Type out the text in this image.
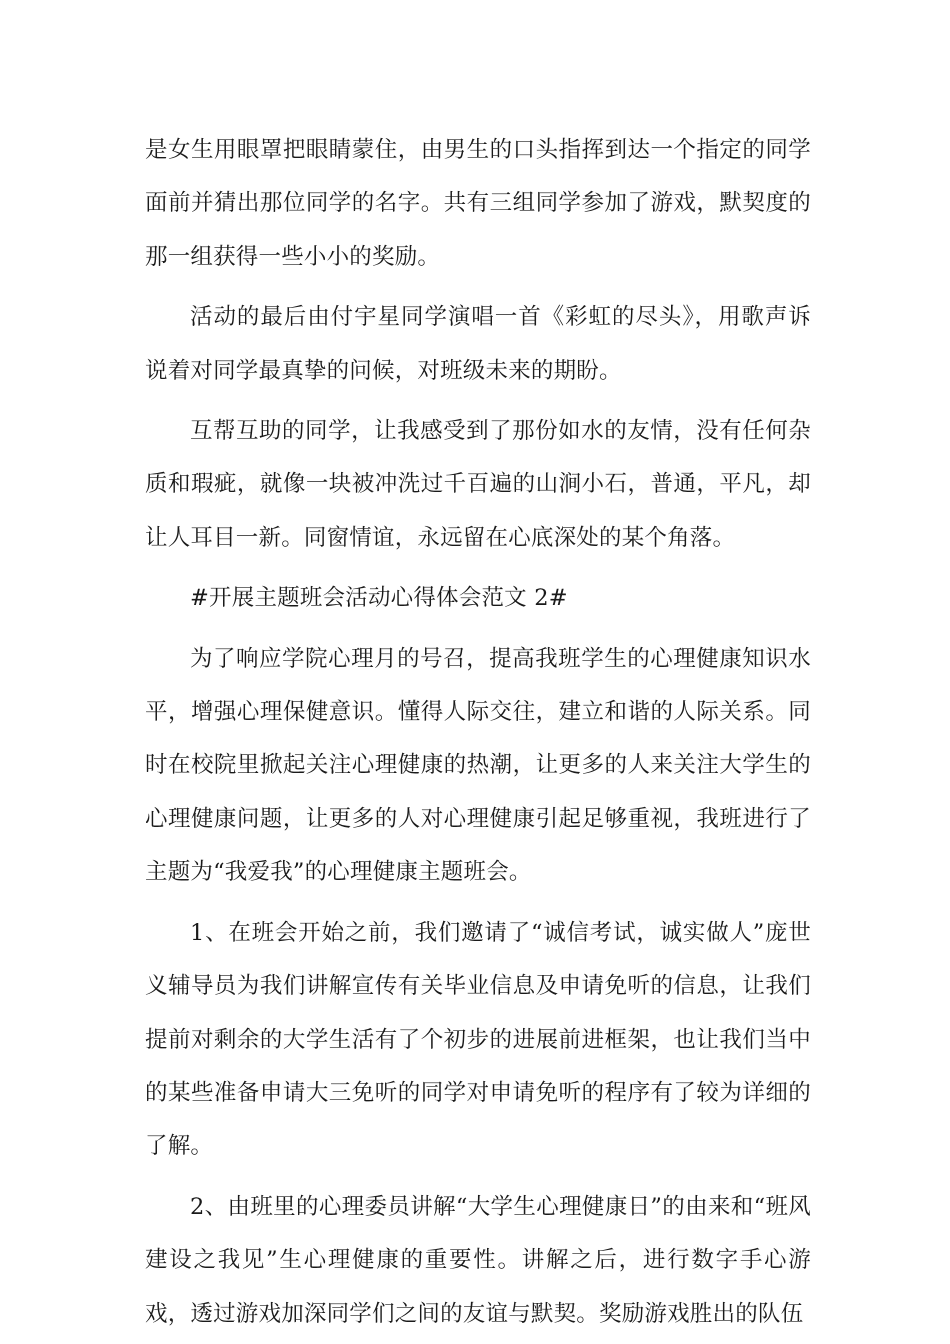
是女生用眼罩把眼睛蒙住，由男生的口头指挥到达一个指定的同学面前并猜出那位同学的名字。共有三组同学参加了游戏，默契度的那一组获得一些小小的奖励。

活动的最后由付宇星同学演唱一首《彩虹的尽头》，用歌声诉说着对同学最真挚的问候，对班级未来的期盼。

互帮互助的同学，让我感受到了那份如水的友情，没有任何杂质和瑕疵，就像一块被冲洗过千百遍的山涧小石，普通，平凡，却让人耳目一新。同窗情谊，永远留在心底深处的某个角落。

#开展主题班会活动心得体会范文 2#

为了响应学院心理月的号召，提高我班学生的心理健康知识水平，增强心理保健意识。懂得人际交往，建立和谐的人际关系。同时在校院里掀起关注心理健康的热潮，让更多的人来关注大学生的心理健康问题，让更多的人对心理健康引起足够重视，我班进行了主题为“我爱我”的心理健康主题班会。

1、在班会开始之前，我们邀请了“诚信考试，诚实做人”庞世义辅导员为我们讲解宣传有关毕业信息及申请免听的信息，让我们提前对剩余的大学生活有了个初步的进展前进框架，也让我们当中的某些准备申请大三免听的同学对申请免听的程序有了较为详细的了解。

2、由班里的心理委员讲解“大学生心理健康日”的由来和“班风建设之我见”生心理健康的重要性。讲解之后，进行数字手心游戏，透过游戏加深同学们之间的友谊与默契。奖励游戏胜出的队伍
